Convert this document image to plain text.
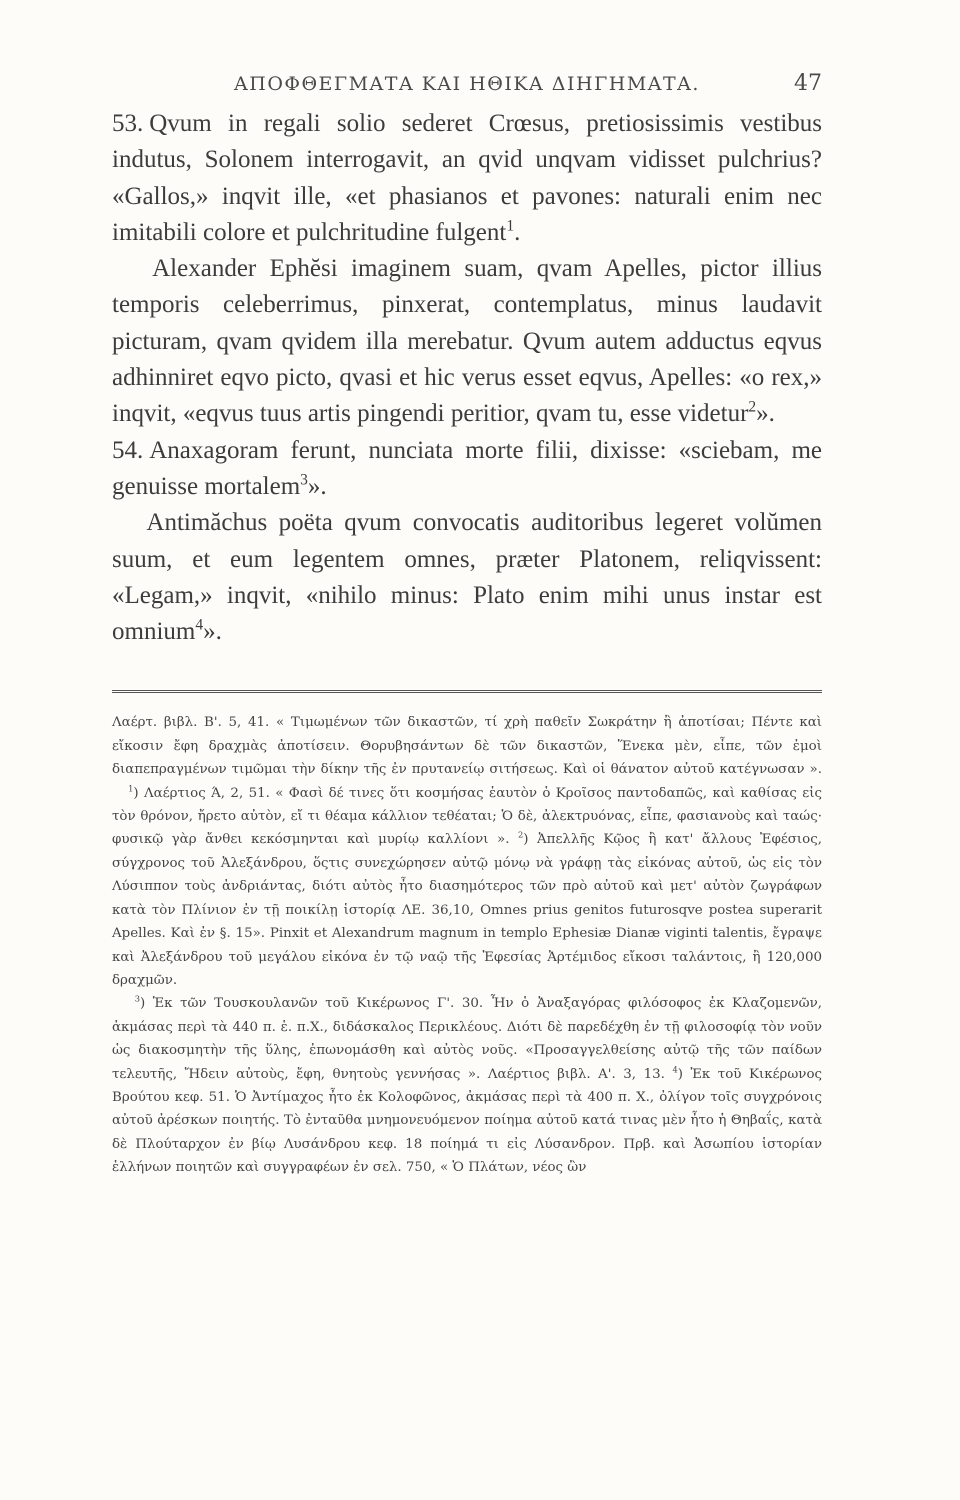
ΑΠΟΦΘΕΓΜΑΤΑ ΚΑΙ ΗΘΙΚΑ ΔΙΗΓΗΜΑΤΑ.	47

53. Qvum in regali solio sederet Crœsus, pretiosissimis vestibus indutus, Solonem interrogavit, an qvid unqvam vidisset pulchrius? «Gallos,» inqvit ille, «et phasianos et pavones: naturali enim nec imitabili colore et pulchritudine fulgent$^1$.

Alexander Ephĕsi imaginem suam, qvam Apelles, pictor illius temporis celeberrimus, pinxerat, contemplatus, minus laudavit picturam, qvam qvidem illa merebatur. Qvum autem adductus eqvus adhinniret eqvo picto, qvasi et hic verus esset eqvus, Apelles: «o rex,» inqvit, «eqvus tuus artis pingendi peritior, qvam tu, esse videtur$^2$».

54. Anaxagoram ferunt, nunciata morte filii, dixisse: «sciebam, me genuisse mortalem$^3$».

Antimăchus poëta qvum convocatis auditoribus legeret volŭmen suum, et eum legentem omnes, præter Platonem, reliqvissent: «Legam,» inqvit, «nihilo minus: Plato enim mihi unus instar est omnium$^4$».

Λαέρτ. βιβλ. Β'. 5, 41. « Τιμωμένων τῶν δικαστῶν, τί χρὴ παθεῖν Σωκράτην ἢ ἀποτίσαι; Πέντε καὶ εἴκοσιν ἔφη δραχμὰς ἀποτίσειν. Θορυβησάντων δὲ τῶν δικαστῶν, Ἕνεκα μὲν, εἶπε, τῶν ἐμοὶ διαπεπραγμένων τιμῶμαι τὴν δίκην τῆς ἐν πρυτανείῳ σιτήσεως. Καὶ οἱ θάνατον αὐτοῦ κατέγνωσαν ».    $^1$) Λαέρτιος Ά, 2, 51. « Φασὶ δέ τινες ὅτι κοσμήσας ἑαυτὸν ὁ Κροῖσος παντοδαπῶς, καὶ καθίσας εἰς τὸν θρόνον, ἤρετο αὐτὸν, εἴ τι θέαμα κάλλιον τεθέαται; Ὁ δὲ, ἀλεκτρυόνας, εἶπε, φασιανοὺς καὶ ταώς· φυσικῷ γὰρ ἄνθει κεκόσμηνται καὶ μυρίῳ καλλίονι ». $^2$) Ἀπελλῆς Κῷος ἢ κατ' ἄλλους Ἐφέσιος, σύγχρονος τοῦ Ἀλεξάνδρου, ὅςτις συνεχώρησεν αὐτῷ μόνῳ νὰ γράφῃ τὰς εἰκόνας αὐτοῦ, ὡς εἰς τὸν Λύσιππον τοὺς ἀνδριάντας, διότι αὐτὸς ἦτο διασημότερος τῶν πρὸ αὐτοῦ καὶ μετ' αὐτὸν ζωγράφων κατὰ τὸν Πλίνιον ἐν τῇ ποικίλῃ ἱστορίᾳ ΛΕ. 36,10, Omnes prius genitos futurosqve postea superarit Apelles. Καὶ ἐν §. 15». Pinxit et Alexandrum magnum in templo Ephesiæ Dianæ viginti talentis, ἔγραψε καὶ Ἀλεξάνδρου τοῦ μεγάλου εἰκόνα ἐν τῷ ναῷ τῆς Ἐφεσίας Ἀρτέμιδος εἴκοσι ταλάντοις, ἢ 120,000 δραχμῶν.
$^3$) Ἐκ τῶν Τουσκουλανῶν τοῦ Κικέρωνος Γ'. 30. Ἦν ὁ Ἀναξαγόρας φιλόσοφος ἐκ Κλαζομενῶν, ἀκμάσας περὶ τὰ 440 π. ἑ. π.Χ., διδάσκαλος Περικλέους. Διότι δὲ παρεδέχθη ἐν τῇ φιλοσοφίᾳ τὸν νοῦν ὡς διακοσμητὴν τῆς ὕλης, ἐπωνομάσθη καὶ αὐτὸς νοῦς. «Προσαγγελθείσης αὐτῷ τῆς τῶν παίδων τελευτῆς, Ἤδειν αὐτοὺς, ἔφη, θνητοὺς γεννήσας ». Λαέρτιος βιβλ. Α'. 3, 13. $^4$) Ἐκ τοῦ Κικέρωνος Βρούτου κεφ. 51. Ὁ Ἀντίμαχος ἦτο ἐκ Κολοφῶνος, ἀκμάσας περὶ τὰ 400 π. Χ., ὀλίγον τοῖς συγχρόνοις αὐτοῦ ἀρέσκων ποιητής. Τὸ ἐνταῦθα μνημονευόμενον ποίημα αὐτοῦ κατά τινας μὲν ἦτο ἡ Θηβαΐς, κατὰ δὲ Πλούταρχον ἐν βίῳ Λυσάνδρου κεφ. 18 ποίημά τι εἰς Λύσανδρον. Πρβ. καὶ Ἀσωπίου ἱστορίαν ἑλλήνων ποιητῶν καὶ συγγραφέων ἐν σελ. 750, « Ὁ Πλάτων, νέος ὢν
